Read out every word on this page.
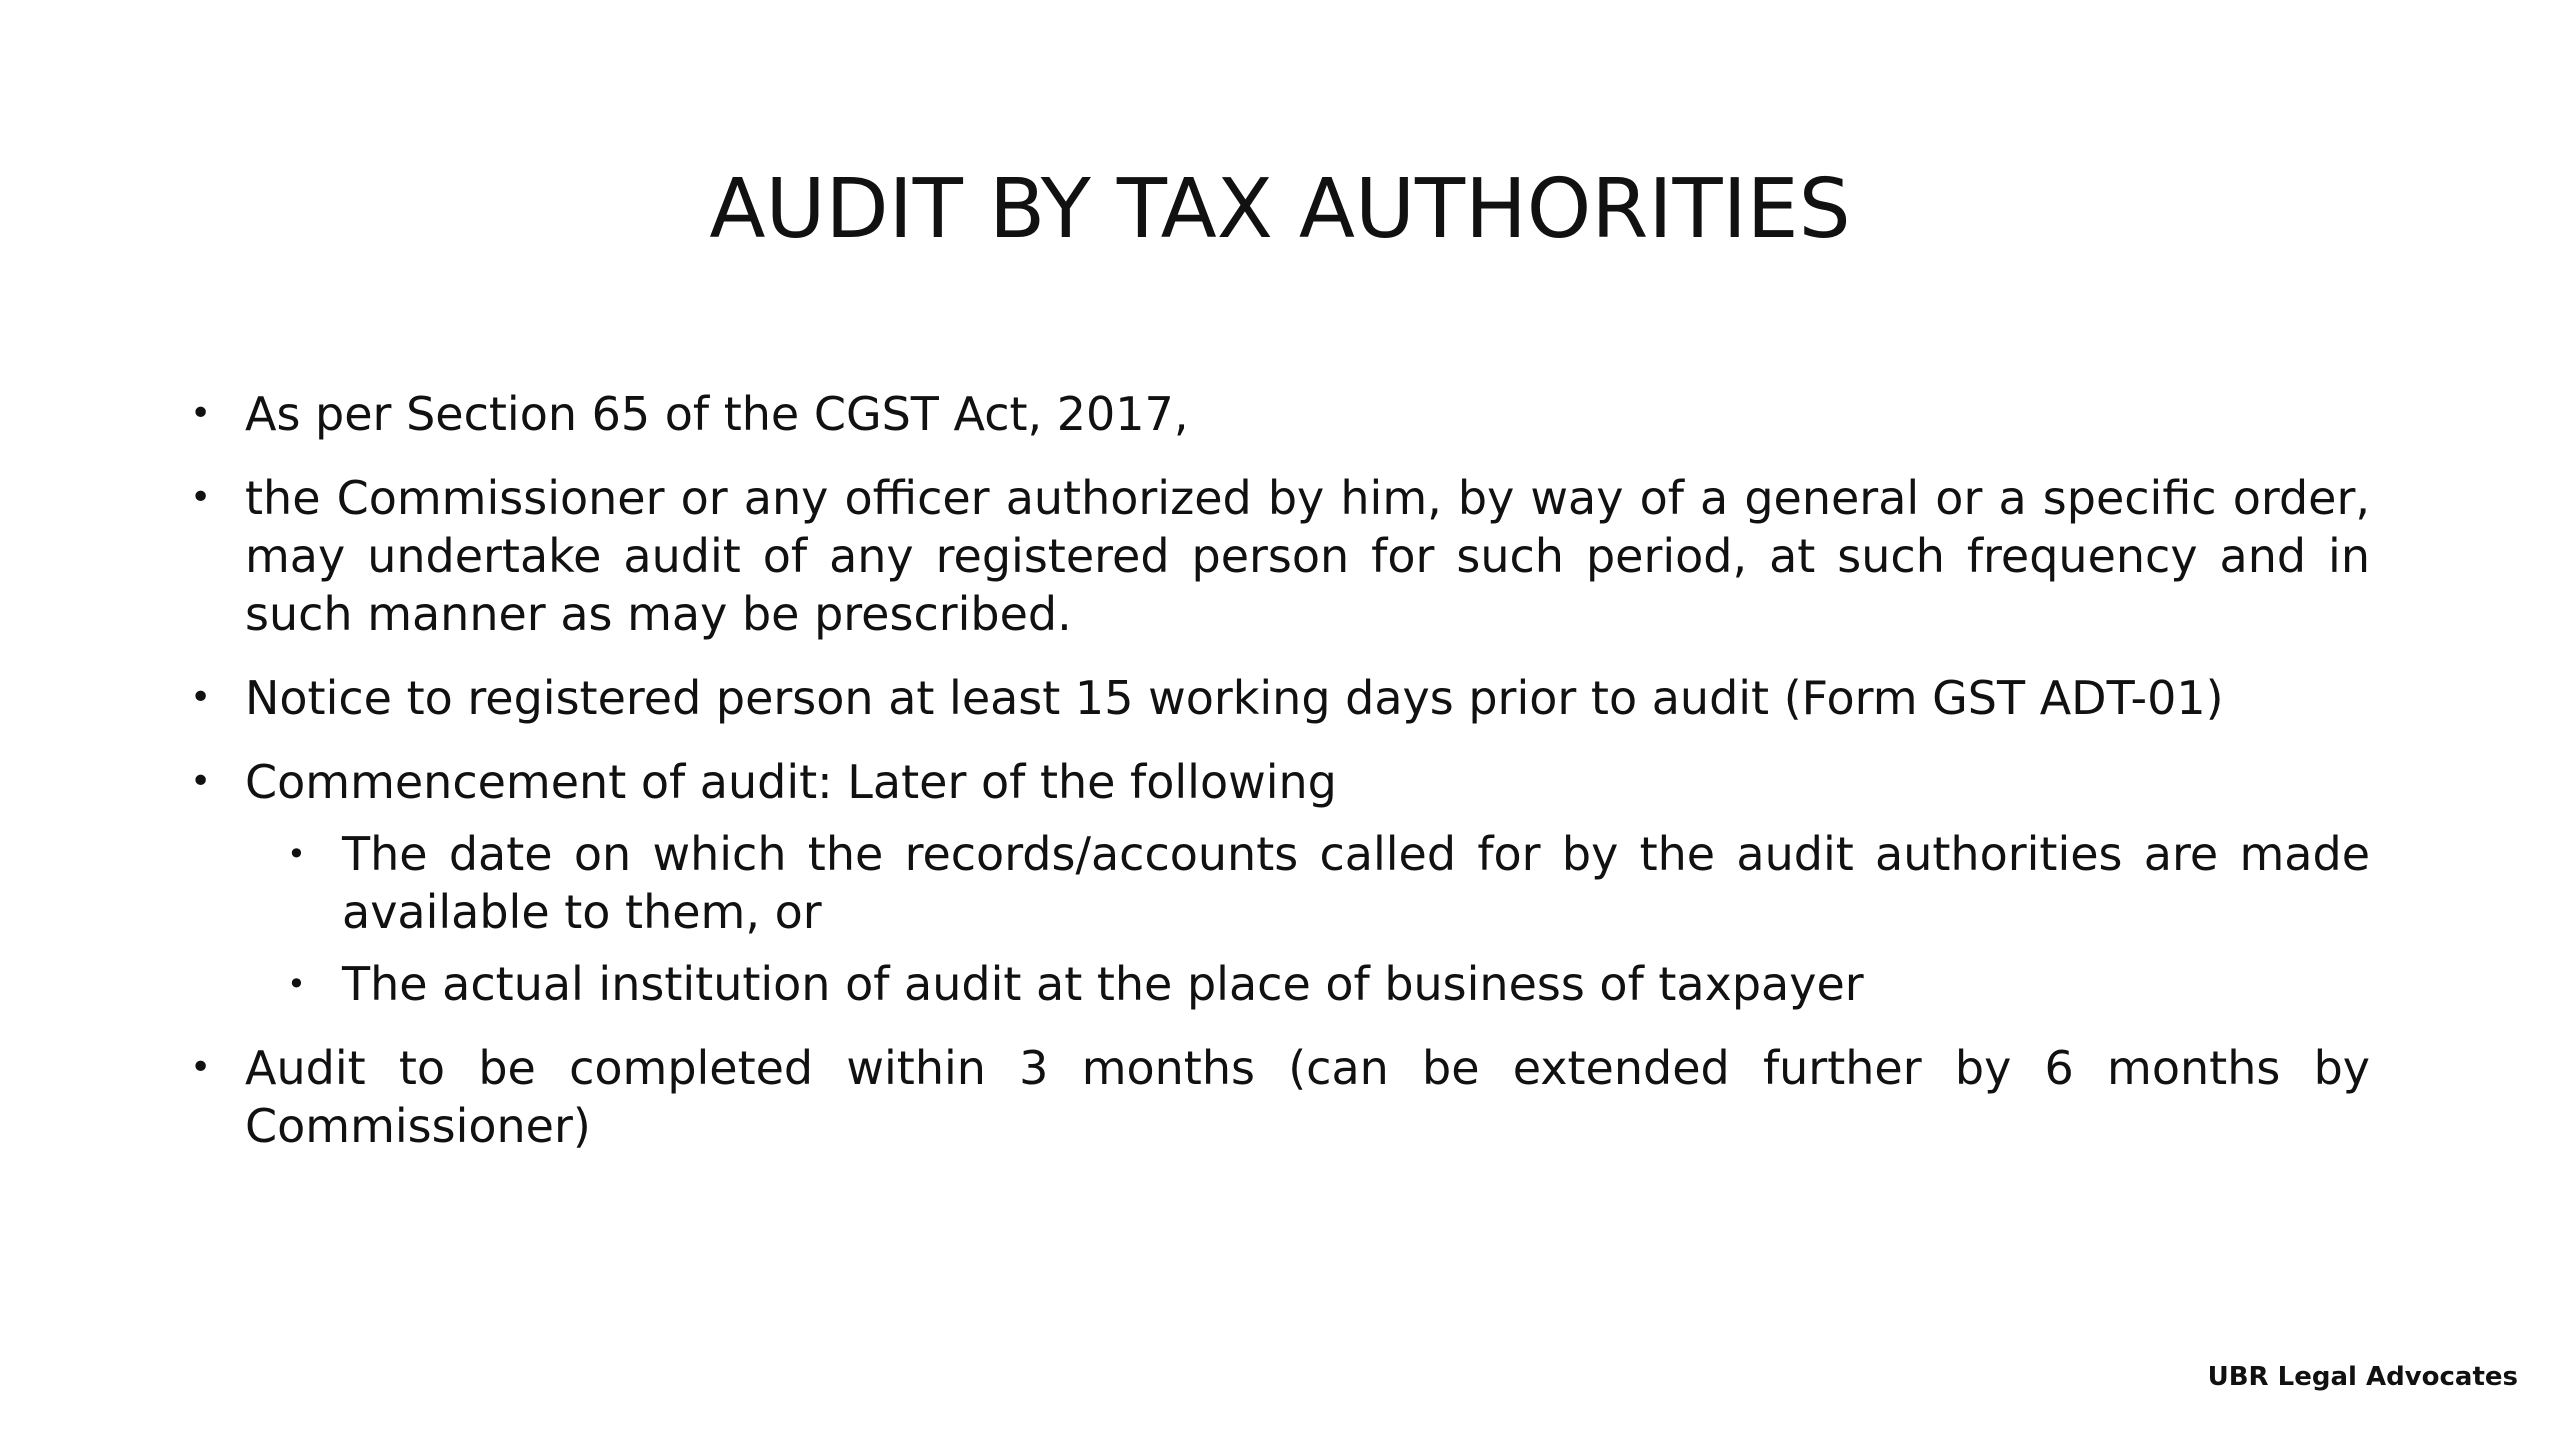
AUDIT BY TAX AUTHORITIES
• As per Section 65 of the CGST Act, 2017,
• the Commissioner or any officer authorized by him, by way of a general or a specific order, may undertake audit of any registered person for such period, at such frequency and in such manner as may be prescribed.
• Notice to registered person at least 15 working days prior to audit (Form GST ADT-01)
• Commencement of audit: Later of the following
• The date on which the records/accounts called for by the audit authorities are made available to them, or
• The actual institution of audit at the place of business of taxpayer
• Audit to be completed within 3 months (can be extended further by 6 months by Commissioner)
UBR Legal Advocates
